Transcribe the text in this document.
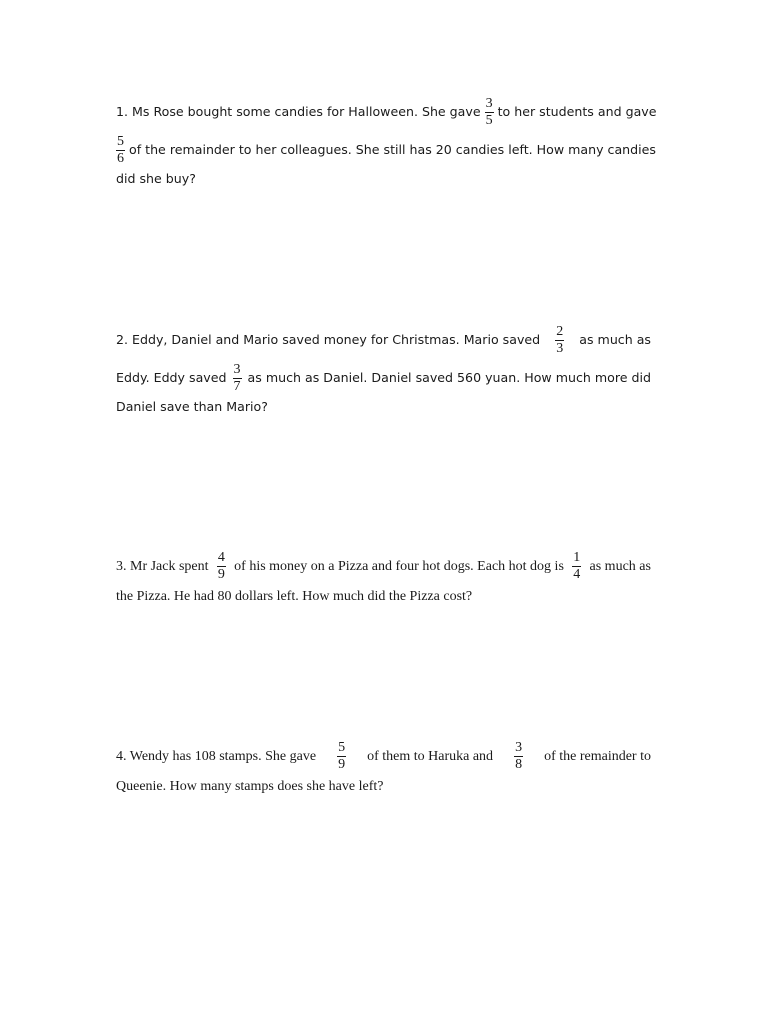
1. Ms Rose bought some candies for Halloween. She gave $\frac{3}{5}$ to her students and gave
$\frac{5}{6}$ of the remainder to her colleagues. She still has 20 candies left. How many candies
did she buy?
2. Eddy, Daniel and Mario saved money for Christmas. Mario saved $\frac{2}{3}$ as much as
Eddy. Eddy saved $\frac{3}{7}$ as much as Daniel. Daniel saved 560 yuan. How much more did
Daniel save than Mario?
3. Mr Jack spent $\frac{4}{9}$ of his money on a Pizza and four hot dogs. Each hot dog is $\frac{1}{4}$ as much as
the Pizza. He had 80 dollars left. How much did the Pizza cost?
4. Wendy has 108 stamps. She gave $\frac{5}{9}$ of them to Haruka and $\frac{3}{8}$ of the remainder to
Queenie. How many stamps does she have left?
